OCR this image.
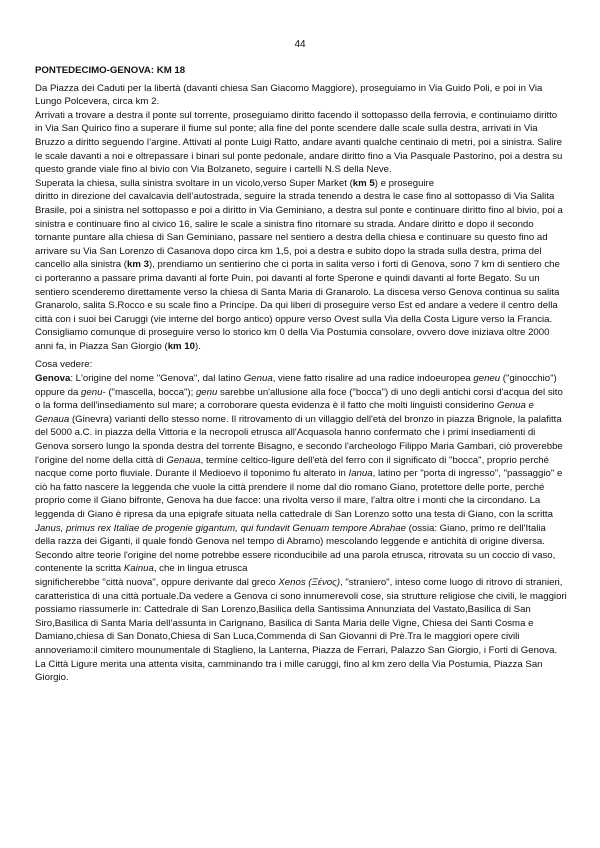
44

PONTEDECIMO-GENOVA: KM 18

Da Piazza dei Caduti per la libertà (davanti chiesa San Giacomo Maggiore), proseguiamo in Via Guido Poli, e poi in Via Lungo Polcevera, circa km 2.

Arrivati a trovare a destra il ponte sul torrente, proseguiamo diritto facendo il sottopasso della ferrovia, e continuiamo diritto in Via San Quirico fino a superare il fiume sul ponte; alla fine del ponte scendere dalle scale sulla destra, arrivati in Via Bruzzo a diritto seguendo l’argine. Attivati al ponte Luigi Ratto, andare avanti qualche centinaio di metri, poi a sinistra. Salire le scale davanti a noi e oltrepassare i binari sul ponte pedonale, andare diritto fino a Via Pasquale Pastorino, poi a destra su questo grande viale fino al bivio con Via Bolzaneto, seguire i cartelli N.S della Neve.

Superata la chiesa, sulla sinistra svoltare in un vicolo,verso Super Market (km 5) e proseguire

diritto in direzione del cavalcavia dell’autostrada, seguire la strada tenendo a destra le case fino al sottopasso di Via Salita Brasile, poi a sinistra nel sottopasso e poi a diritto in Via Geminiano, a destra sul ponte e continuare diritto fino al bivio, poi a sinistra e continuare fino al civico 16, salire le scale a sinistra fino ritornare su strada. Andare diritto e dopo il secondo tornante puntare alla chiesa di San Geminiano, passare nel sentiero a destra della chiesa e continuare su questo fino ad arrivare su Via San Lorenzo di Casanova dopo circa km 1,5, poi a destra e subito dopo la strada sulla destra, prima del cancello alla sinistra (km 3), prendiamo un sentierino che ci porta in salita verso i forti di Genova, sono 7 km di sentiero che ci porteranno a passare prima davanti al forte Puin, poi davanti al forte Sperone e quindi davanti al forte Begato. Su un sentiero scenderemo direttamente verso la chiesa di Santa Maria di Granarolo. La discesa verso Genova continua su salita Granarolo, salita S.Rocco e su scale fino a Princípe. Da qui liberi di proseguire verso Est ed andare a vedere il centro della città con i suoi bei Caruggi (vie interne del borgo antico) oppure verso Ovest sulla Via della Costa Ligure verso la Francia. Consigliamo comunque di proseguire verso lo storico km 0 della Via Postumia consolare, ovvero dove iniziava oltre 2000 anni fa, in Piazza San Giorgio (km 10).

Cosa vedere:

Genova: L'origine del nome "Genova", dal latino Genua, viene fatto risalire ad una radice indoeuropea geneu ("ginocchio") oppure da genu- ("mascella, bocca"); genu sarebbe un'allusione alla foce ("bocca") di uno degli antichi corsi d'acqua del sito o la forma dell'insediamento sul mare; a corroborare questa evidenza è il fatto che molti linguisti considerino Genua e Genaua (Ginevra) varianti dello stesso nome. Il ritrovamento di un villaggio dell'età del bronzo in piazza Brignole, la palafitta del 5000 a.C. in piazza della Vittoria e la necropoli etrusca all'Acquasola hanno confermato che i primi insediamenti di Genova sorsero lungo la sponda destra del torrente Bisagno, e secondo l'archeologo Filippo Maria Gambari, ciò proverebbe l'origine del nome della città di Genaua, termine celtico-ligure dell'età del ferro con il significato di "bocca", proprio perché nacque come porto fluviale. Durante il Medioevo il toponimo fu alterato in Ianua, latino per "porta di ingresso", "passaggio" e ciò ha fatto nascere la leggenda che vuole la città prendere il nome dal dio romano Giano, protettore delle porte, perché proprio come il Giano bifronte, Genova ha due facce: una rivolta verso il mare, l'altra oltre i monti che la circondano. La leggenda di Giano è ripresa da una epigrafe situata nella cattedrale di San Lorenzo sotto una testa di Giano, con la scritta Janus, primus rex Italiae de progenie gigantum, qui fundavit Genuam tempore Abrahae (ossia: Giano, primo re dell'Italia della razza dei Giganti, il quale fondò Genova nel tempo di Abramo) mescolando leggende e antichità di origine diversa. Secondo altre teorie l'origine del nome potrebbe essere riconducibile ad una parola etrusca, ritrovata su un coccio di vaso, contenente la scritta Kainua, che in lingua etrusca

significherebbe "città nuova", oppure derivante dal greco Xenos (Ξένος), "straniero", inteso come luogo di ritrovo di stranieri, caratteristica di una città portuale.Da vedere a Genova ci sono innumerevoli cose, sia strutture religiose che civili, le maggiori possiamo riassumerle in: Cattedrale di San Lorenzo,Basilica della Santissima Annunziata del Vastato,Basilica di San Siro,Basilica di Santa Maria dell’assunta in Carignano, Basilica di Santa Maria delle Vigne, Chiesa dei Santi Cosma e Damiano,chiesa di San Donato,Chiesa di San Luca,Commenda di San Giovanni di Prè.Tra le maggiori opere civili annoveriamo:il cimitero mounumentale di Staglieno, la Lanterna, Piazza de Ferrari, Palazzo San Giorgio, i Forti di Genova. La Città Ligure merita una attenta visita, camminando tra i mille caruggi, fino al km zero della Via Postumia, Piazza San Giorgio.
